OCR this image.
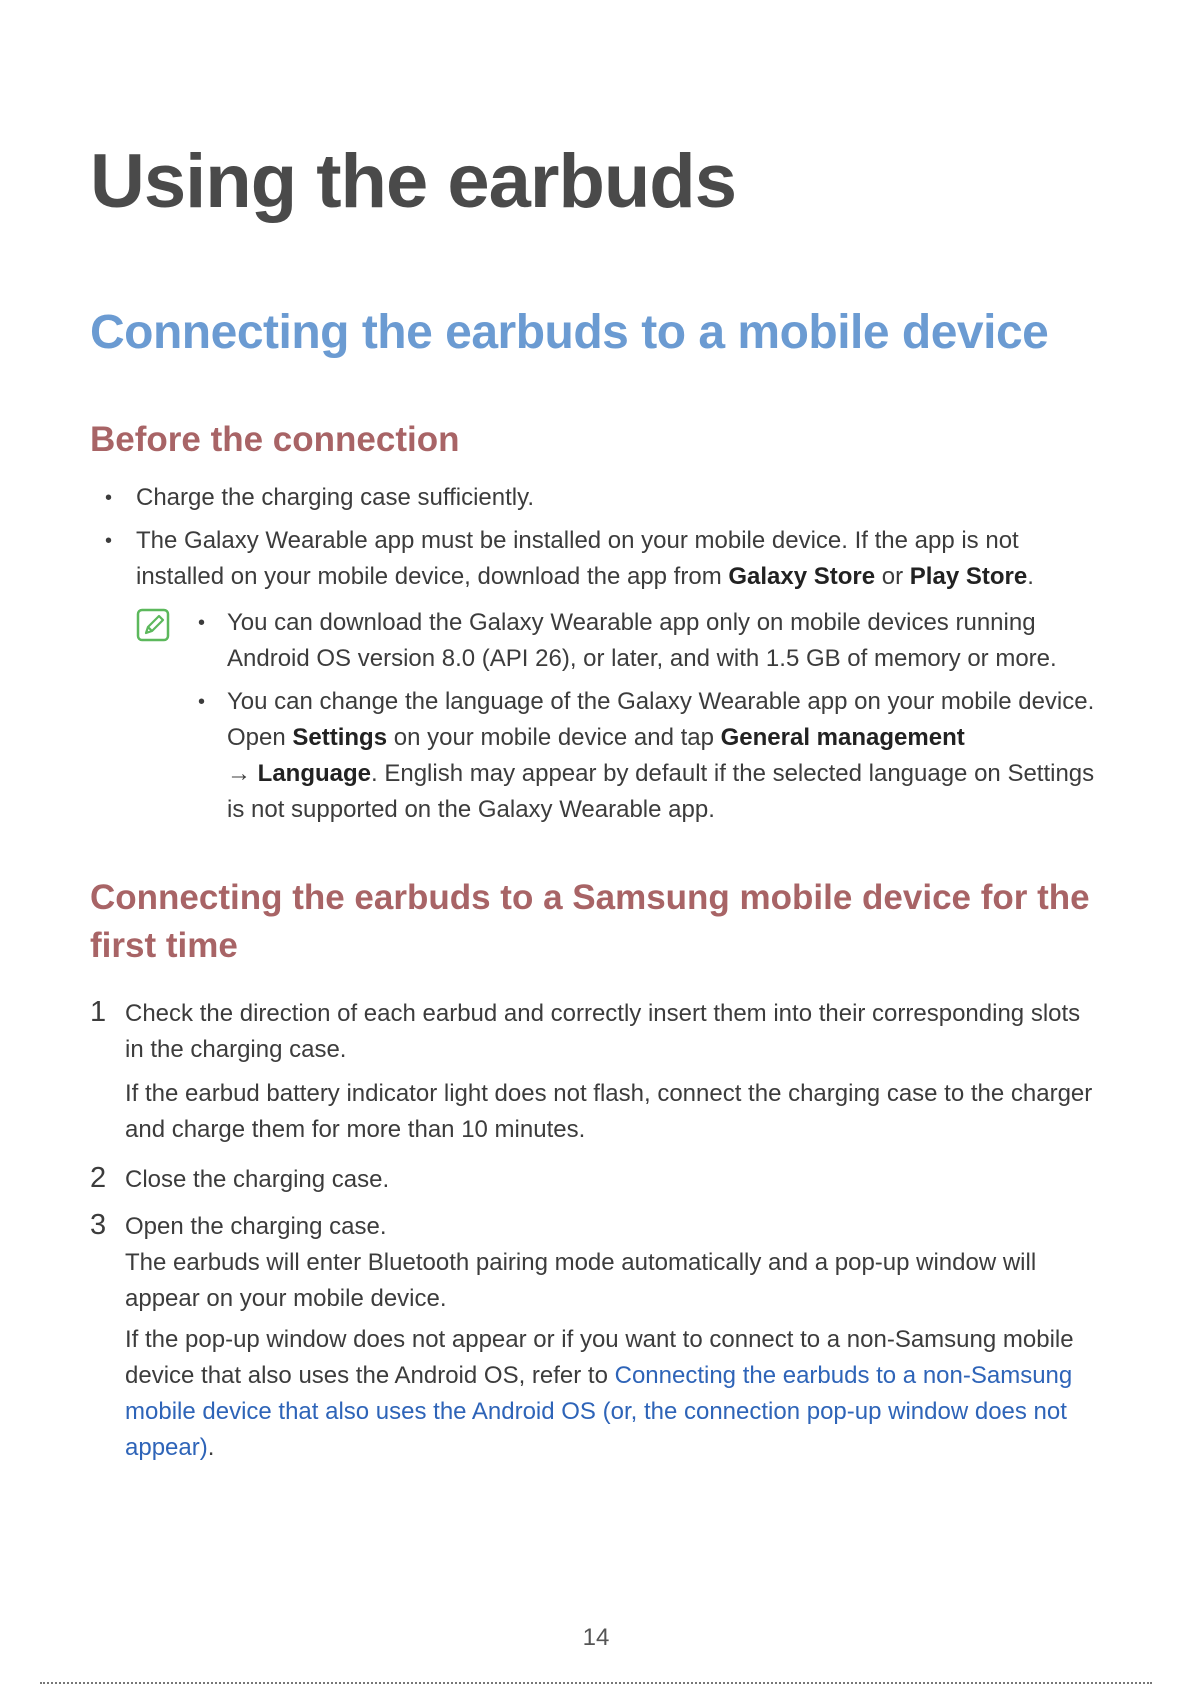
Using the earbuds
Connecting the earbuds to a mobile device
Before the connection
• Charge the charging case sufficiently.
• The Galaxy Wearable app must be installed on your mobile device. If the app is not installed on your mobile device, download the app from Galaxy Store or Play Store.
• You can download the Galaxy Wearable app only on mobile devices running Android OS version 8.0 (API 26), or later, and with 1.5 GB of memory or more.
• You can change the language of the Galaxy Wearable app on your mobile device. Open Settings on your mobile device and tap General management
→ Language. English may appear by default if the selected language on Settings is not supported on the Galaxy Wearable app.
Connecting the earbuds to a Samsung mobile device for the first time
1 Check the direction of each earbud and correctly insert them into their corresponding slots in the charging case.

If the earbud battery indicator light does not flash, connect the charging case to the charger and charge them for more than 10 minutes.

2 Close the charging case.

3 Open the charging case.

The earbuds will enter Bluetooth pairing mode automatically and a pop-up window will appear on your mobile device.

If the pop-up window does not appear or if you want to connect to a non-Samsung mobile device that also uses the Android OS, refer to Connecting the earbuds to a non-Samsung mobile device that also uses the Android OS (or, the connection pop-up window does not appear).

14
